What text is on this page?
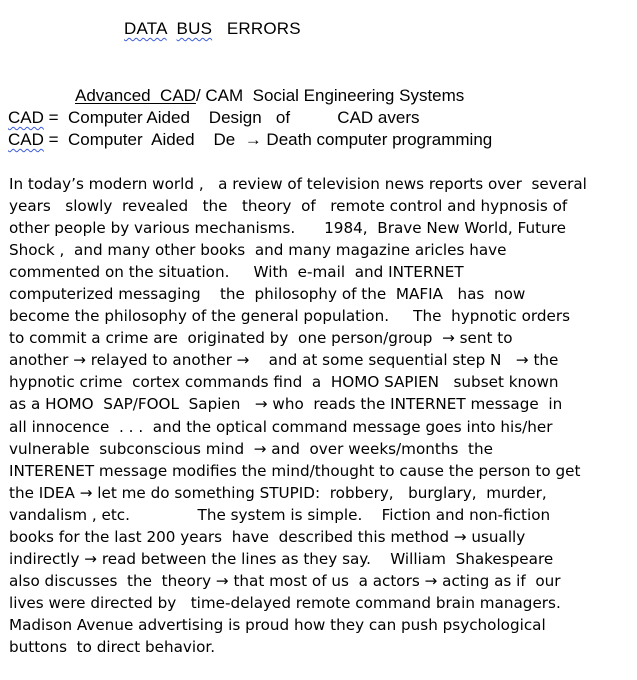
DATA BUS ERRORS
Advanced  CAD/ CAM  Social Engineering Systems
CAD =  Computer Aided    Design   of          CAD avers
CAD =  Computer  Aided    De  → Death computer programming
In today’s modern world ,   a review of television news reports over  several
years   slowly  revealed   the   theory  of   remote control and hypnosis of
other people by various mechanisms.      1984,  Brave New World, Future
Shock ,  and many other books  and many magazine aricles have
commented on the situation.     With  e-mail  and INTERNET
computerized messaging    the  philosophy of the  MAFIA   has  now
become the philosophy of the general population.     The  hypnotic orders
to commit a crime are  originated by  one person/group  → sent to
another → relayed to another →    and at some sequential step N   → the
hypnotic crime  cortex commands find  a  HOMO SAPIEN   subset known
as a HOMO  SAP/FOOL  Sapien   → who  reads the INTERNET message  in
all innocence  . . .  and the optical command message goes into his/her
vulnerable  subconscious mind  → and  over weeks/months  the
INTERENET message modifies the mind/thought to cause the person to get
the IDEA → let me do something STUPID:  robbery,   burglary,  murder,
vandalism , etc.              The system is simple.    Fiction and non-fiction
books for the last 200 years  have  described this method → usually
indirectly → read between the lines as they say.    William  Shakespeare
also discusses  the  theory → that most of us  a actors → acting as if  our
lives were directed by   time-delayed remote command brain managers.
Madison Avenue advertising is proud how they can push psychological
buttons  to direct behavior.
